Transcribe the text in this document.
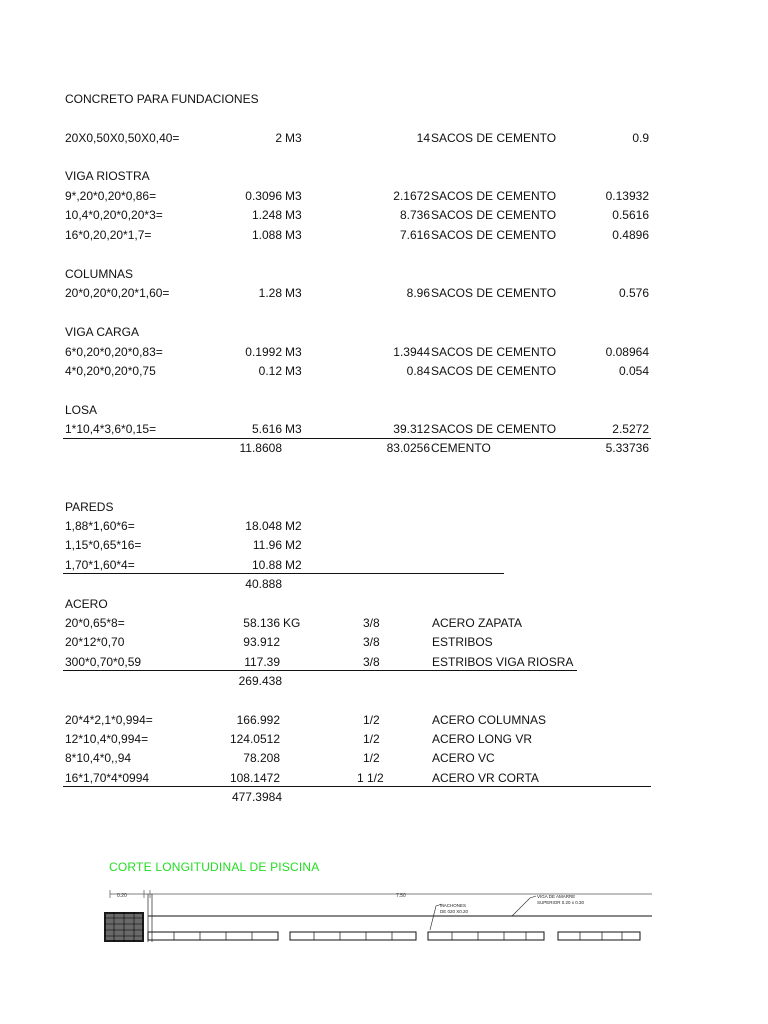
CONCRETO PARA FUNDACIONES
20X0,50X0,50X0,40=	2 M3	14 SACOS DE CEMENTO	0.9
VIGA RIOSTRA
9*,20*0,20*0,86=	0.3096 M3	2.1672 SACOS DE CEMENTO	0.13932
10,4*0,20*0,20*3=	1.248 M3	8.736 SACOS DE CEMENTO	0.5616
16*0,20,20*1,7=	1.088 M3	7.616 SACOS DE CEMENTO	0.4896
COLUMNAS
20*0,20*0,20*1,60=	1.28 M3	8.96 SACOS DE CEMENTO	0.576
VIGA CARGA
6*0,20*0,20*0,83=	0.1992 M3	1.3944 SACOS DE CEMENTO	0.08964
4*0,20*0,20*0,75	0.12 M3	0.84 SACOS DE CEMENTO	0.054
LOSA
1*10,4*3,6*0,15=	5.616 M3	39.312 SACOS DE CEMENTO	2.5272
11.8608	83.0256 CEMENTO	5.33736
PAREDS
1,88*1,60*6=	18.048 M2
1,15*0,65*16=	11.96 M2
1,70*1,60*4=	10.88 M2
40.888
ACERO
20*0,65*8=	58.136 KG	3/8	ACERO ZAPATA
20*12*0,70	93.912	3/8	ESTRIBOS
300*0,70*0,59	117.39	3/8	ESTRIBOS VIGA RIOSRA
269.438
20*4*2,1*0,994=	166.992	1/2	ACERO COLUMNAS
12*10,4*0,994=	124.0512	1/2	ACERO LONG VR
8*10,4*0,,94	78.208	1/2	ACERO VC
16*1,70*4*0994	108.1472	1 1/2	ACERO VR CORTA
477.3984
CORTE LONGITUDINAL DE PISCINA
0.20	7.50
MACHONES
DE 020 X0.20
VIGA DE AMARRE
SUPERIOR 0.20 x 0.30
